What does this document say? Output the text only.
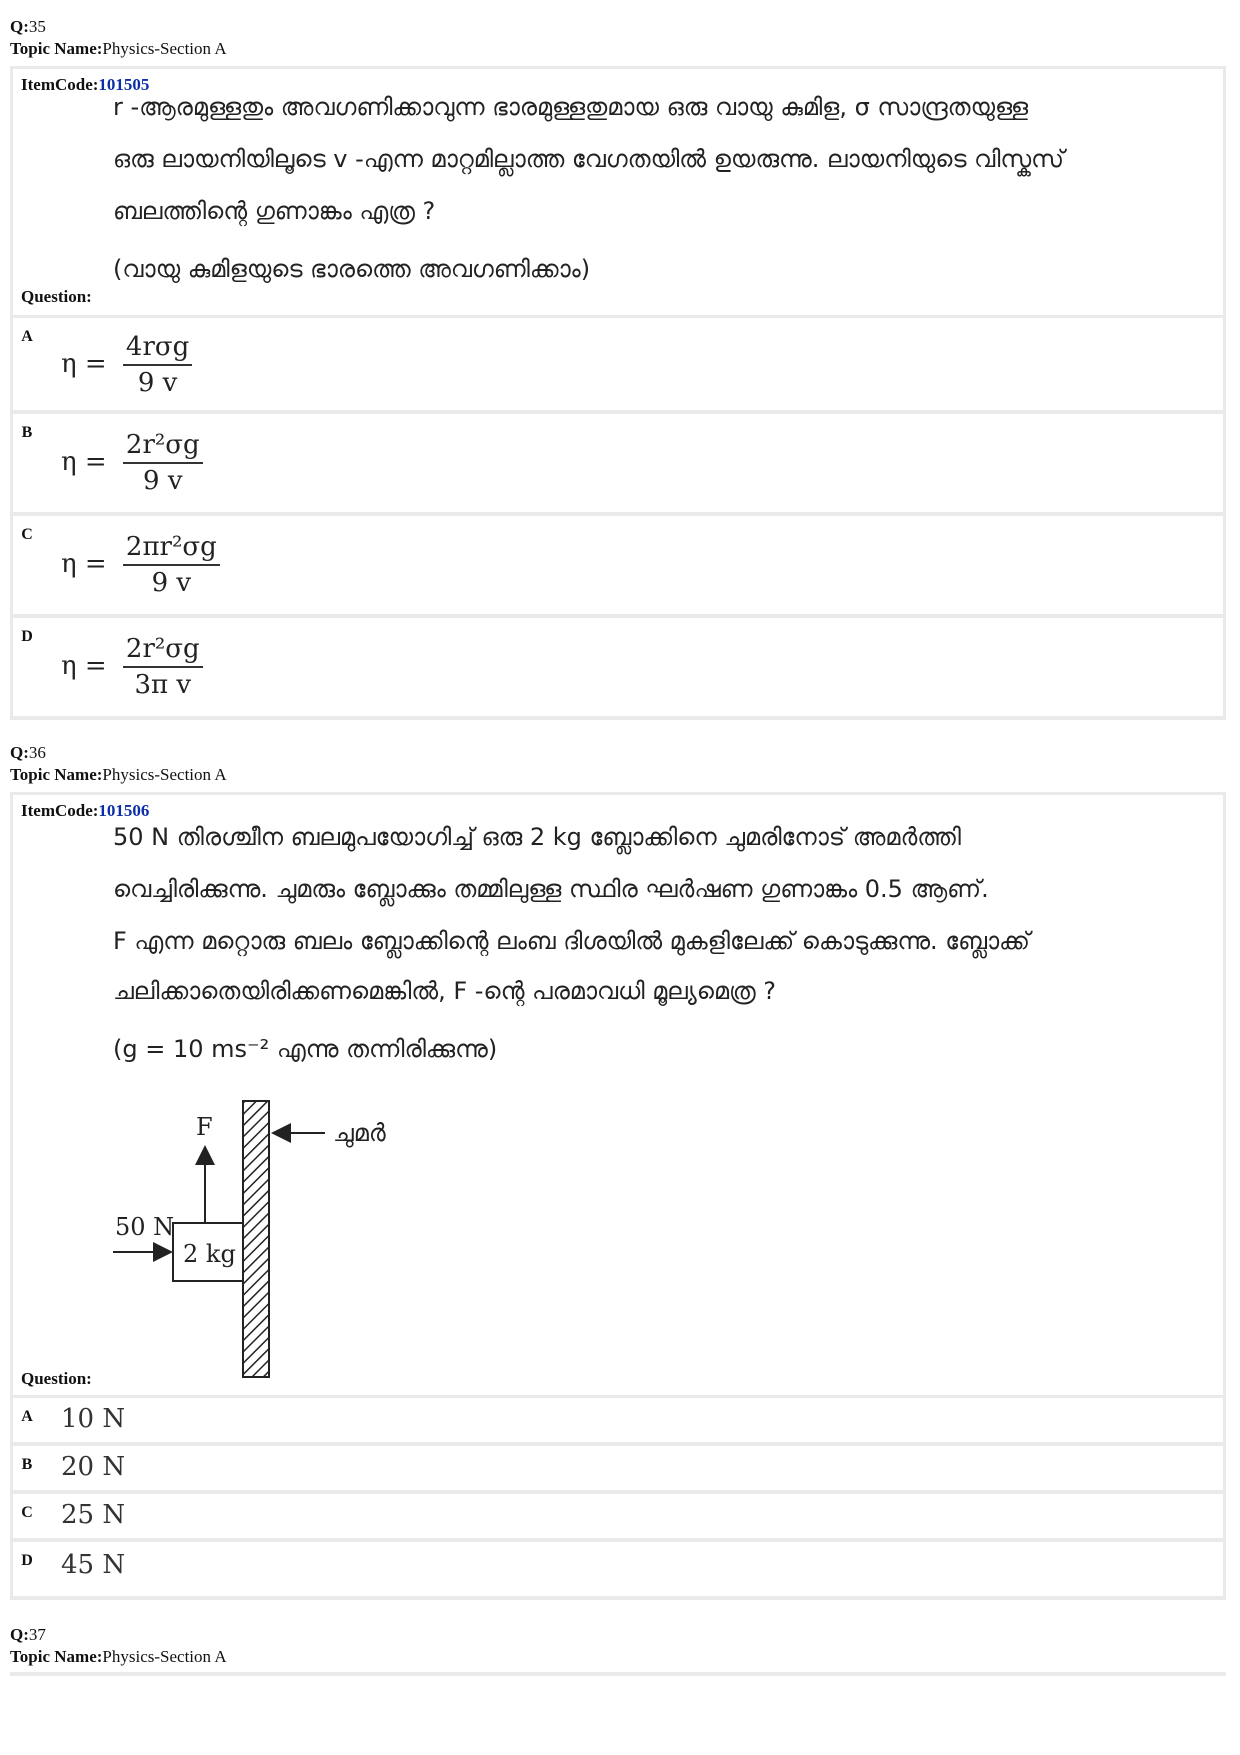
Q:35
Topic Name:Physics-Section A
ItemCode:101505
r -ആരമുള്ളതും അവഗണിക്കാവുന്ന ഭാരമുള്ളതുമായ ഒരു വായു കുമിള, σ സാന്ദ്രതയുള്ള
ഒരു ലായനിയിലൂടെ v -എന്ന മാറ്റമില്ലാത്ത വേഗതയിൽ ഉയരുന്നു. ലായനിയുടെ വിസ്കസ്
ബലത്തിന്റെ ഗുണാങ്കം എത്ര ?
(വായു കുമിളയുടെ ഭാരത്തെ അവഗണിക്കാം)
Question:
A
$\eta = \frac{\text{4rσg}}{9 v}$
B
$\eta = \frac{\text{2r²σg}}{9 v}$
C
$\eta = \frac{\text{2πr²σg}}{9 v}$
D
$\eta = \frac{\text{2r²σg}}{\text{3π v}}$
Q:36
Topic Name:Physics-Section A
ItemCode:101506
50 N തിരശ്ചീന ബലമുപയോഗിച്ച് ഒരു 2 kg ബ്ലോക്കിനെ ചുമരിനോട് അമർത്തി
വെച്ചിരിക്കുന്നു. ചുമരും ബ്ലോക്കും തമ്മിലുള്ള സ്ഥിര ഘർഷണ ഗുണാങ്കം 0.5 ആണ്.
F എന്ന മറ്റൊരു ബലം ബ്ലോക്കിന്റെ ലംബ ദിശയിൽ മുകളിലേക്ക് കൊടുക്കുന്നു. ബ്ലോക്ക്
ചലിക്കാതെയിരിക്കണമെങ്കിൽ, F -ന്റെ പരമാവധി മൂല്യമെത്ര ?
(g = 10 ms⁻² എന്നു തന്നിരിക്കുന്നു)
2 kg
50 N
F	ചുമർ
Question:
A	10 N
B	20 N
C	25 N
D	45 N
Q:37
Topic Name:Physics-Section A
